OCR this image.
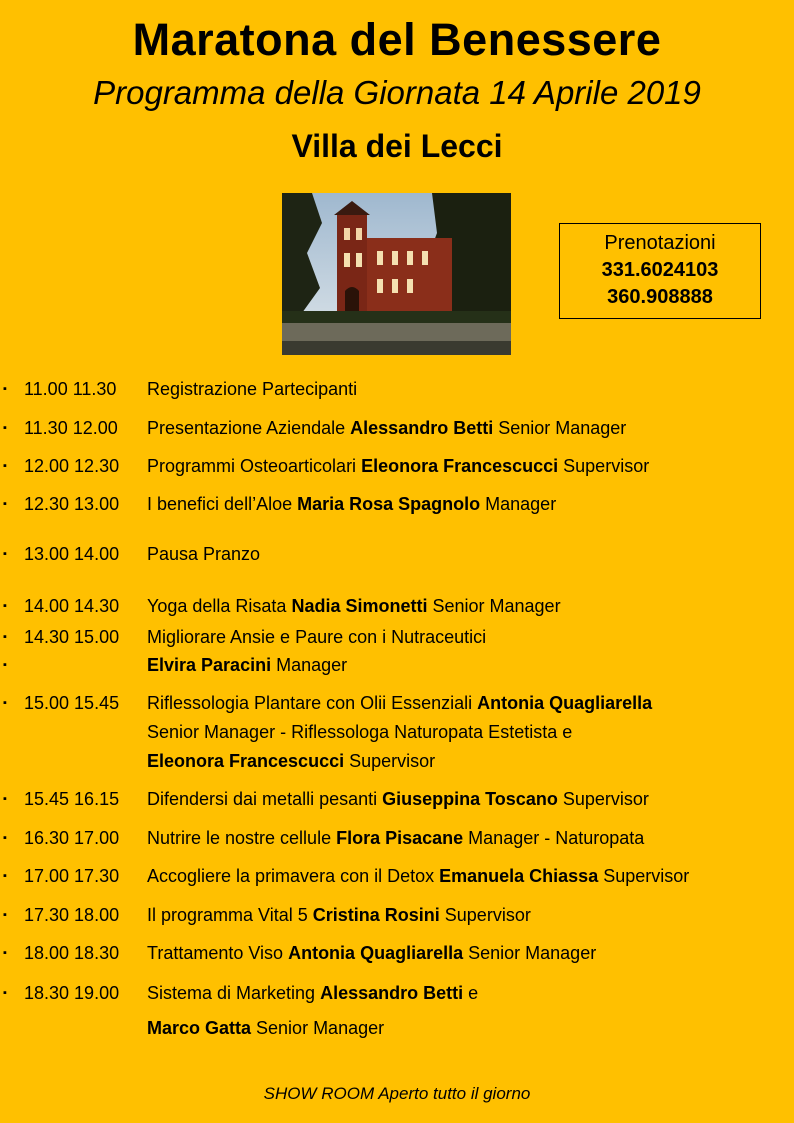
Maratona del Benessere
Programma della Giornata 14 Aprile 2019
Villa dei Lecci
Prenotazioni
331.6024103
360.908888
▪ 11.00 11.30 Registrazione Partecipanti
▪ 11.30 12.00 Presentazione Aziendale Alessandro Betti Senior Manager
▪ 12.00 12.30 Programmi Osteoarticolari Eleonora Francescucci Supervisor
▪ 12.30 13.00 I benefici dell’Aloe Maria Rosa Spagnolo Manager
▪ 13.00 14.00 Pausa Pranzo
▪ 14.00 14.30 Yoga della Risata Nadia Simonetti Senior Manager
▪ 14.30 15.00 Migliorare Ansie e Paure con i Nutraceutici
▪	Elvira Paracini Manager
▪ 15.00 15.45 Riflessologia Plantare con Olii Essenziali Antonia Quagliarella
Senior Manager - Riflessologa Naturopata Estetista e
Eleonora Francescucci Supervisor
▪ 15.45 16.15 Difendersi dai metalli pesanti Giuseppina Toscano Supervisor
▪ 16.30 17.00 Nutrire le nostre cellule Flora Pisacane Manager - Naturopata
▪ 17.00 17.30 Accogliere la primavera con il Detox Emanuela Chiassa Supervisor
▪ 17.30 18.00 Il programma Vital 5 Cristina Rosini Supervisor
▪ 18.00 18.30 Trattamento Viso Antonia Quagliarella Senior Manager
▪ 18.30 19.00 Sistema di Marketing Alessandro Betti e
Marco Gatta Senior Manager
SHOW ROOM Aperto tutto il giorno
